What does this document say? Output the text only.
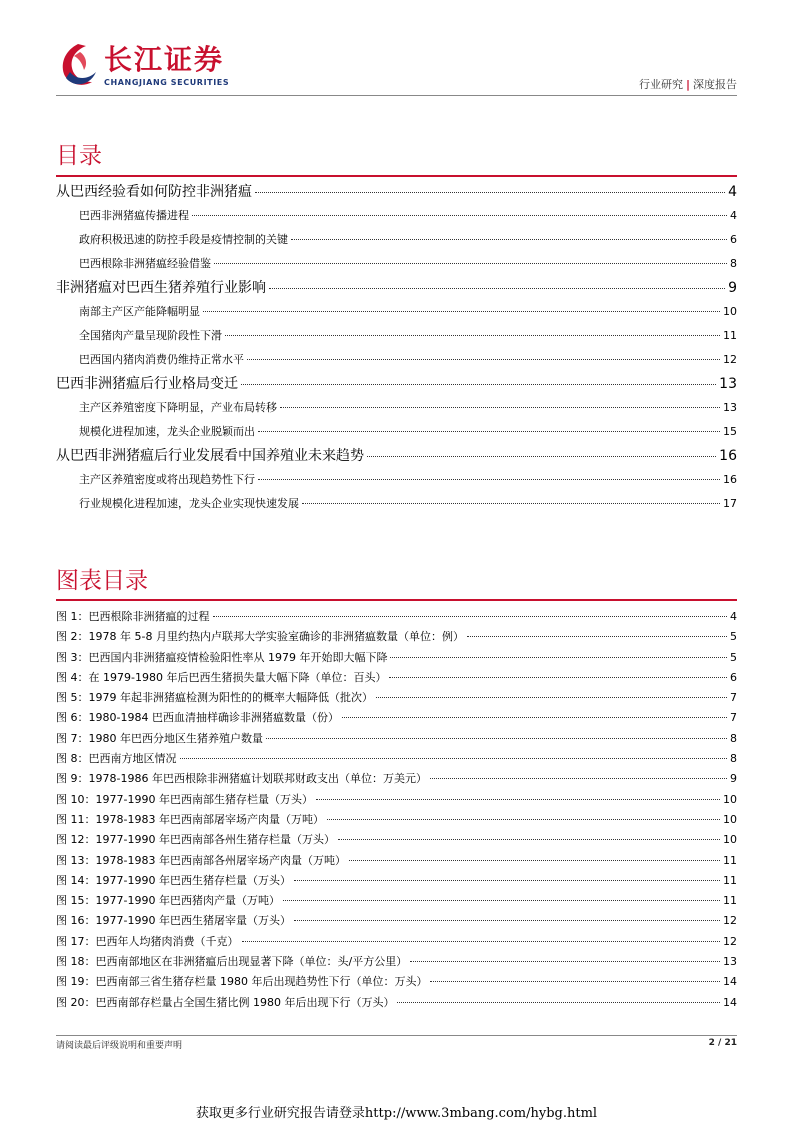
长江证券
CHANGJIANG SECURITIES	行业研究 | 深度报告
目录
从巴西经验看如何防控非洲猪瘟	4
巴西非洲猪瘟传播进程	4
政府积极迅速的防控手段是疫情控制的关键	6
巴西根除非洲猪瘟经验借鉴	8
非洲猪瘟对巴西生猪养殖行业影响	9
南部主产区产能降幅明显	10
全国猪肉产量呈现阶段性下滑	11
巴西国内猪肉消费仍维持正常水平	12
巴西非洲猪瘟后行业格局变迁	13
主产区养殖密度下降明显，产业布局转移	13
规模化进程加速，龙头企业脱颖而出	15
从巴西非洲猪瘟后行业发展看中国养殖业未来趋势	16
主产区养殖密度或将出现趋势性下行	16
行业规模化进程加速，龙头企业实现快速发展	17
图表目录
图 1：巴西根除非洲猪瘟的过程	4
图 2：1978 年 5-8 月里约热内卢联邦大学实验室确诊的非洲猪瘟数量（单位：例）	5
图 3：巴西国内非洲猪瘟疫情检验阳性率从 1979 年开始即大幅下降	5
图 4：在 1979-1980 年后巴西生猪损失量大幅下降（单位：百头）	6
图 5：1979 年起非洲猪瘟检测为阳性的的概率大幅降低（批次）	7
图 6：1980-1984 巴西血清抽样确诊非洲猪瘟数量（份）	7
图 7：1980 年巴西分地区生猪养殖户数量	8
图 8：巴西南方地区情况	8
图 9：1978-1986 年巴西根除非洲猪瘟计划联邦财政支出（单位：万美元）	9
图 10：1977-1990 年巴西南部生猪存栏量（万头）	10
图 11：1978-1983 年巴西南部屠宰场产肉量（万吨）	10
图 12：1977-1990 年巴西南部各州生猪存栏量（万头）	10
图 13：1978-1983 年巴西南部各州屠宰场产肉量（万吨）	11
图 14：1977-1990 年巴西生猪存栏量（万头）	11
图 15：1977-1990 年巴西猪肉产量（万吨）	11
图 16：1977-1990 年巴西生猪屠宰量（万头）	12
图 17：巴西年人均猪肉消费（千克）	12
图 18：巴西南部地区在非洲猪瘟后出现显著下降（单位：头/平方公里）	13
图 19：巴西南部三省生猪存栏量 1980 年后出现趋势性下行（单位：万头）	14
图 20：巴西南部存栏量占全国生猪比例 1980 年后出现下行（万头）	14
请阅读最后评级说明和重要声明	2 / 21
获取更多行业研究报告请登录http://www.3mbang.com/hybg.html
